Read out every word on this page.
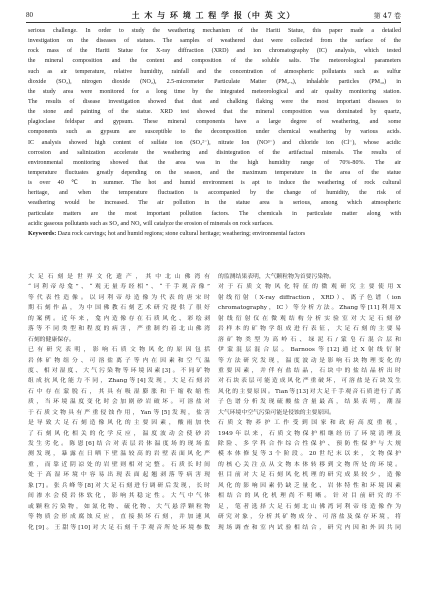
80	土 木 与 环 境 工 程 学 报（中 英 文）	第 47 卷
serious challenge. In order to study the weathering mechanism of the Hariti Statue, this paper made a detailed
investigation on the diseases of statues. The samples of weathered dust were collected from the surface of the
rock mass of the Hariti Statue for X-ray diffraction (XRD) and ion chromatography (IC) analysis, which tested
the mineral composition and the content and composition of the soluble salts. The meteorological parameters
such as air temperature, relative humidity, rainfall and the concentration of atmospheric pollutants such as sulfur
dioxide (SO₂), nitrogen dioxide (NO₂), 2.5-micrometer Particulate Matter (PM₂.₅), inhalable particles (PM₁₀) in
the study area were monitored for a long time by the integrated meteorological and air quality monitoring station.
The results of disease investigation showed that dust and chalking flaking were the most important diseases to
the stone and painting of the statue. XRD test showed that the mineral composition was dominated by quartz,
plagioclase feldspar and gypsum. These mineral components have a large degree of weathering, and some
components such as gypsum are susceptible to the decomposition under chemical weathering by various acids.
IC analysis showed high content of sulfate ion (SO₄²⁻), nitrate Ion (NO³⁻) and chloride ion (Cl⁻), whose acidic
corrosion and salinization accelerate the weathering and disintegration of the artifactual minerals. The results of
environmental monitoring showed that the area was in the high humidity range of 70%-80%. The air
temperature fluctuates greatly depending on the season, and the maximum temperature in the area of the statue
is over 40 ℃ in summer. The hot and humid environment is apt to induce the weathering of rock cultural
heritage, and when the temperature fluctuation is accompanied by the change of humidity, the risk of
weathering would be increased. The air pollution in the statue area is serious, among which atmospheric
particulate matters are the most important pollution factors. The chemicals in particulate matter along with
acidic gaseous pollutants such as SO₂ and NO₂ will catalyze the erosion of minerals on rock surfaces.
Keywords: Dazu rock carvings; hot and humid regions; stone cultural heritage; weathering; environmental factors
大足石刻是世界文化遗产，其中北山佛湾有
“诃利帝母龛”、“观无量寿经相”、“千手观音像”
等代表性造像。以诃利帝母造像为代表的唐宋时
期石刻作品，为中国佛教石刻艺术研究提供了很好
的案例。近年来，龛内造像存在石质风化、彩绘剥
落等不同类型和程度的病害，严重制约着北山佛湾
石刻的健康保存。
已有研究表明，影响石质文物风化的原因包括
岩体矿物组分、可溶盐离子等内在因素和空气温
度、相对湿度、大气污染物等环境因素[3]。不同矿物
组成抗风化能力不同，Zhang等[4]发现，大足石刻岩
石中存在蒙脱石，其具有吸湿膨胀和干缩收缩性
质，当环境温度变化时会加剧砂岩破坏。可溶盐对
于石质文物具有严重侵蚀作用，Yan等[5]发现，盐害
是导致大足石刻造像风化的主要因素，酸雨加快
了石刻风化相关的化学反应，温度波动会使砂岩
发生劣化。陈恩[6]结合对表层岩体温度场的现场监
测发现，暴露在日晒下壁温较高的岩壁表面风化严
重，而靠近阴凉处的岩壁则相对完整。石质长时间
处于高湿环境中容易出现表面起翘剥落等病害现
象[7]。张兵峰等[8]对大足石刻进行调研后发现，长时
间渗水会使岩体软化，影响其稳定性。大气中气体
或颗粒污染物，如氮化物、硫化物、大气悬浮颗粒物
等物质会形成腐蚀反应，直接损坏石刻，并加速风
化[9]。王甜等[10]对大足石刻千手观音所处环境参数
的监测结果表明，大气颗粒物为首要污染物。
对于石质文物风化特征的微观研究主要使用X
射线衍射（X-ray diffraction，XRD）、离子色谱（ion
chromatography，IC）等分析方法。Zhang等[11]利用X
射线衍射仪在微观结构分析实验室对大足石刻砂
岩样本的矿物学组成进行表征，大足石刻的主要易
溶矿物类型为高岭石、绿泥石/蒙皂石混合层和
伊蒙混层混合层。Barnoos等[12]通过X射线衍射
等方法研究发现，温度波动是影响石块物理变化的
重要因素，并伴有盐结晶，石块中的盐结晶析出时
对石块表层可能造成风化严重破坏，可溶盐是石块发生
风化的主要原因。Tian等[13]对大足千手观音石质进行了离
子色谱分析发现硫酸盐含量最高，结果表明，潮湿
大气环境中空气污染可能是侵蚀的主要原因。
石质文物养护工作受到国家和政府高度重视，
1949年以来，石质文物保护相继经历了环境清理及
除险、多学科合作综合性保护、预防性保护与大规
模本体修复等3个阶段。20世纪末以来，文物保护
的核心关注点从文物本体转移到文物所处的环境。
但目前对大足石刻风化机理的研究成果较少，造像
风化的影响因素仍缺乏量化、岩体特性和环境因素
相结合的风化机理尚不明晰。针对目前研究的不
足，笔者选择大足石刻北山佛湾诃利帝母造像作为
研究对象，分析其矿物成分、可溶盐及保存环境，将
现场调查和室内试验相结合，研究内因和外因共同
